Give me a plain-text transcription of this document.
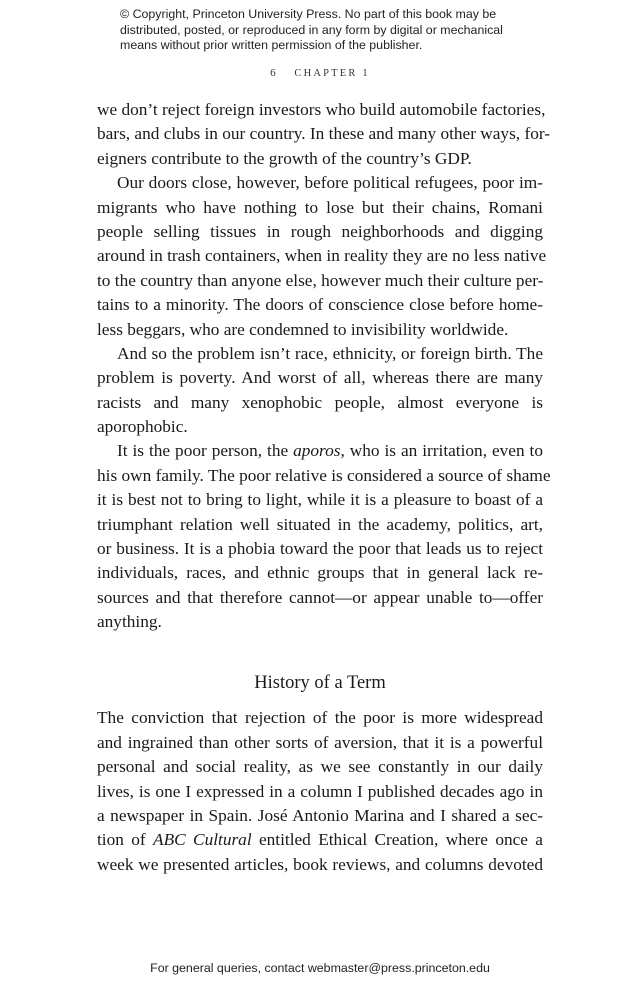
© Copyright, Princeton University Press. No part of this book may be
distributed, posted, or reproduced in any form by digital or mechanical
means without prior written permission of the publisher.
6 CHAPTER 1
we don’t reject foreign investors who build automobile factories,
bars, and clubs in our country. In these and many other ways, for-
eigners contribute to the growth of the country’s GDP.
Our doors close, however, before political refugees, poor im-
migrants who have nothing to lose but their chains, Romani
people selling tissues in rough neighborhoods and digging
around in trash containers, when in reality they are no less native
to the country than anyone else, however much their culture per-
tains to a minority. The doors of conscience close before home-
less beggars, who are condemned to invisibility worldwide.
And so the problem isn’t race, ethnicity, or foreign birth. The
problem is poverty. And worst of all, whereas there are many
racists and many xenophobic people, almost everyone is
aporophobic.
It is the poor person, the aporos, who is an irritation, even to
his own family. The poor relative is considered a source of shame
it is best not to bring to light, while it is a pleasure to boast of a
triumphant relation well situated in the academy, politics, art,
or business. It is a phobia toward the poor that leads us to reject
individuals, races, and ethnic groups that in general lack re-
sources and that therefore cannot—or appear unable to—offer
anything.
History of a Term
The conviction that rejection of the poor is more widespread
and ingrained than other sorts of aversion, that it is a powerful
personal and social reality, as we see constantly in our daily
lives, is one I expressed in a column I published decades ago in
a newspaper in Spain. José Antonio Marina and I shared a sec-
tion of ABC Cultural entitled Ethical Creation, where once a
week we presented articles, book reviews, and columns devoted
For general queries, contact webmaster@press.princeton.edu
